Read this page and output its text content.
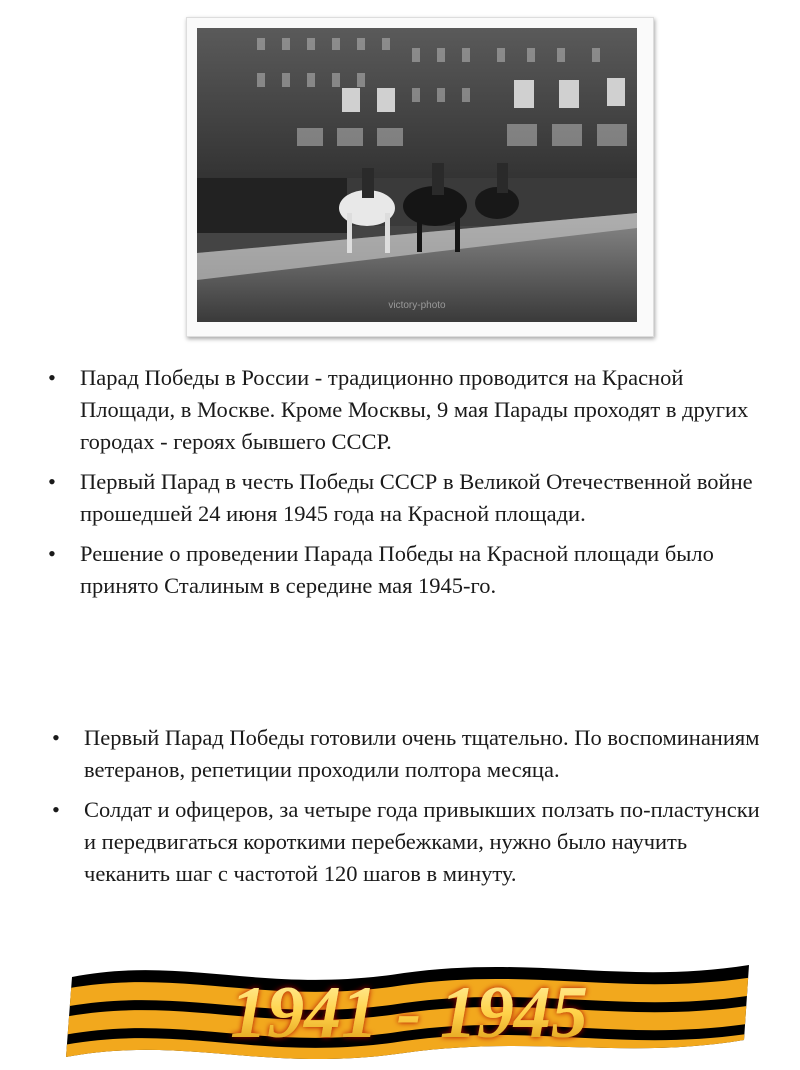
victory-photo
• Парад Победы в России - традиционно проводится на Красной Площади, в Москве. Кроме Москвы, 9 мая Парады проходят в других городах - героях бывшего СССР.
• Первый Парад в честь Победы СССР в Великой Отечественной войне прошедшей 24 июня 1945 года на Красной площади.
• Решение о проведении Парада Победы на Красной площади было принято Сталиным в середине мая 1945-го.
• Первый Парад Победы готовили очень тщательно. По воспоминаниям ветеранов, репетиции проходили полтора месяца.
• Солдат и офицеров, за четыре года привыкших ползать по-пластунски и передвигаться короткими перебежками, нужно было научить чеканить шаг с частотой 120 шагов в минуту.
1941 - 1945
